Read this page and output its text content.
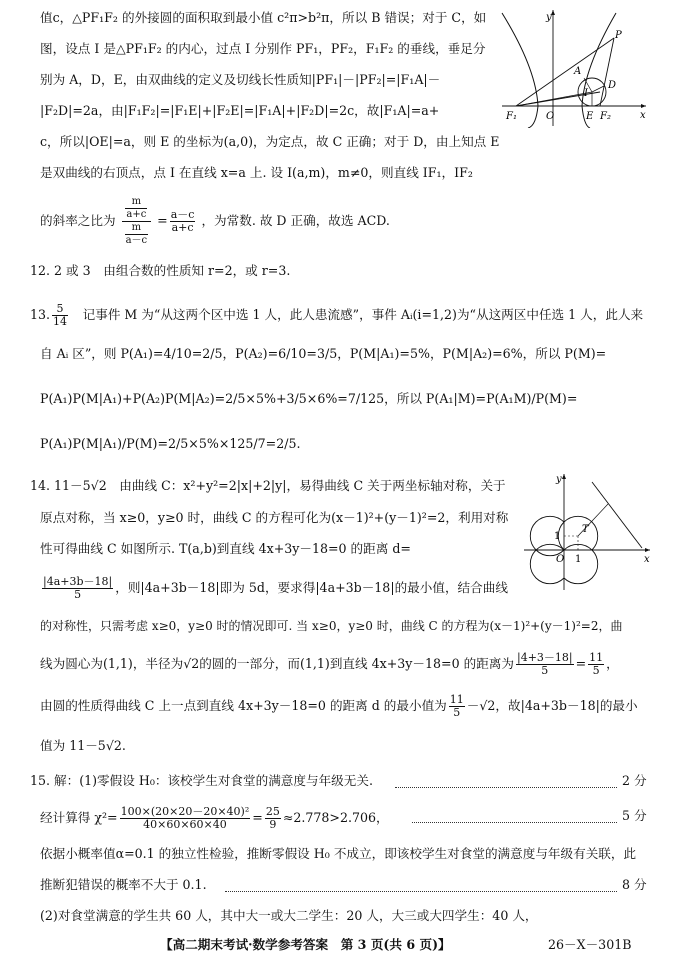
y
x
P
A
I
D
F₁	O	E F₂
y
x
O 1
1
T
值c，△PF₁F₂ 的外接圆的面积取到最小值 c²π>b²π，所以 B 错误；对于 C，如
图，设点 I 是△PF₁F₂ 的内心，过点 I 分别作 PF₁，PF₂，F₁F₂ 的垂线，垂足分
别为 A，D，E，由双曲线的定义及切线长性质知|PF₁|－|PF₂|=|F₁A|－
|F₂D|=2a，由|F₁F₂|=|F₁E|+|F₂E|=|F₁A|+|F₂D|=2c，故|F₁A|=a+
c，所以|OE|=a，则 E 的坐标为(a,0)，为定点，故 C 正确；对于 D，由上知点 E
是双曲线的右顶点，点 I 在直线 x=a 上. 设 I(a,m)，m≠0，则直线 IF₁，IF₂
的斜率之比为 $\frac{\frac{m}{a+c}}{\frac{m}{a-c}} = \frac{a-c}{a+c}$ ，为常数. 故 D 正确，故选 ACD.
12. 2 或 3　由组合数的性质知 r=2，或 r=3.
13. $\frac{5}{14}$ 　记事件 M 为“从这两个区中选 1 人，此人患流感”，事件 Aᵢ(i=1,2)为“从这两区中任选 1 人，此人来
自 Aᵢ 区”，则 P(A₁)=4/10=2/5，P(A₂)=6/10=3/5，P(M|A₁)=5%，P(M|A₂)=6%，所以 P(M)=
P(A₁)P(M|A₁)+P(A₂)P(M|A₂)=2/5×5%+3/5×6%=7/125，所以 P(A₁|M)=P(A₁M)/P(M)=
P(A₁)P(M|A₁)/P(M)=2/5×5%×125/7=2/5.
14. 11－5√2　由曲线 C：x²+y²=2|x|+2|y|，易得曲线 C 关于两坐标轴对称，关于
原点对称，当 x≥0，y≥0 时，曲线 C 的方程可化为(x－1)²+(y－1)²=2，利用对称
性可得曲线 C 如图所示. T(a,b)到直线 4x+3y－18=0 的距离 d=
$\frac{|4a+3b-18|}{5}$ ，则|4a+3b－18|即为 5d，要求得|4a+3b－18|的最小值，结合曲线
的对称性，只需考虑 x≥0，y≥0 时的情况即可. 当 x≥0，y≥0 时，曲线 C 的方程为(x－1)²+(y－1)²=2，曲
线为圆心为(1,1)，半径为√2的圆的一部分，而(1,1)到直线 4x+3y－18=0 的距离为 $\frac{|4+3-18|}{5} = \frac{11}{5}$ ，
由圆的性质得曲线 C 上一点到直线 4x+3y－18=0 的距离 d 的最小值为 $\frac{11}{5} -√2$，故|4a+3b－18|的最小
值为 11－5√2.
15. 解：(1)零假设 H₀：该校学生对食堂的满意度与年级无关.	2 分
经计算得 $\chi^2= \frac{\text{100×(20×20－20×40)²}}{40\times 60\times 60\times 40} = \frac{25}{9} \approx 2.778>2.706$，	5 分
依据小概率值α=0.1 的独立性检验，推断零假设 H₀ 不成立，即该校学生对食堂的满意度与年级有关联，此
推断犯错误的概率不大于 0.1.	8 分
(2)对食堂满意的学生共 60 人，其中大一或大二学生：20 人，大三或大四学生：40 人，
【高二期末考试·数学参考答案　第 3 页(共 6 页)】	26－X－301B
